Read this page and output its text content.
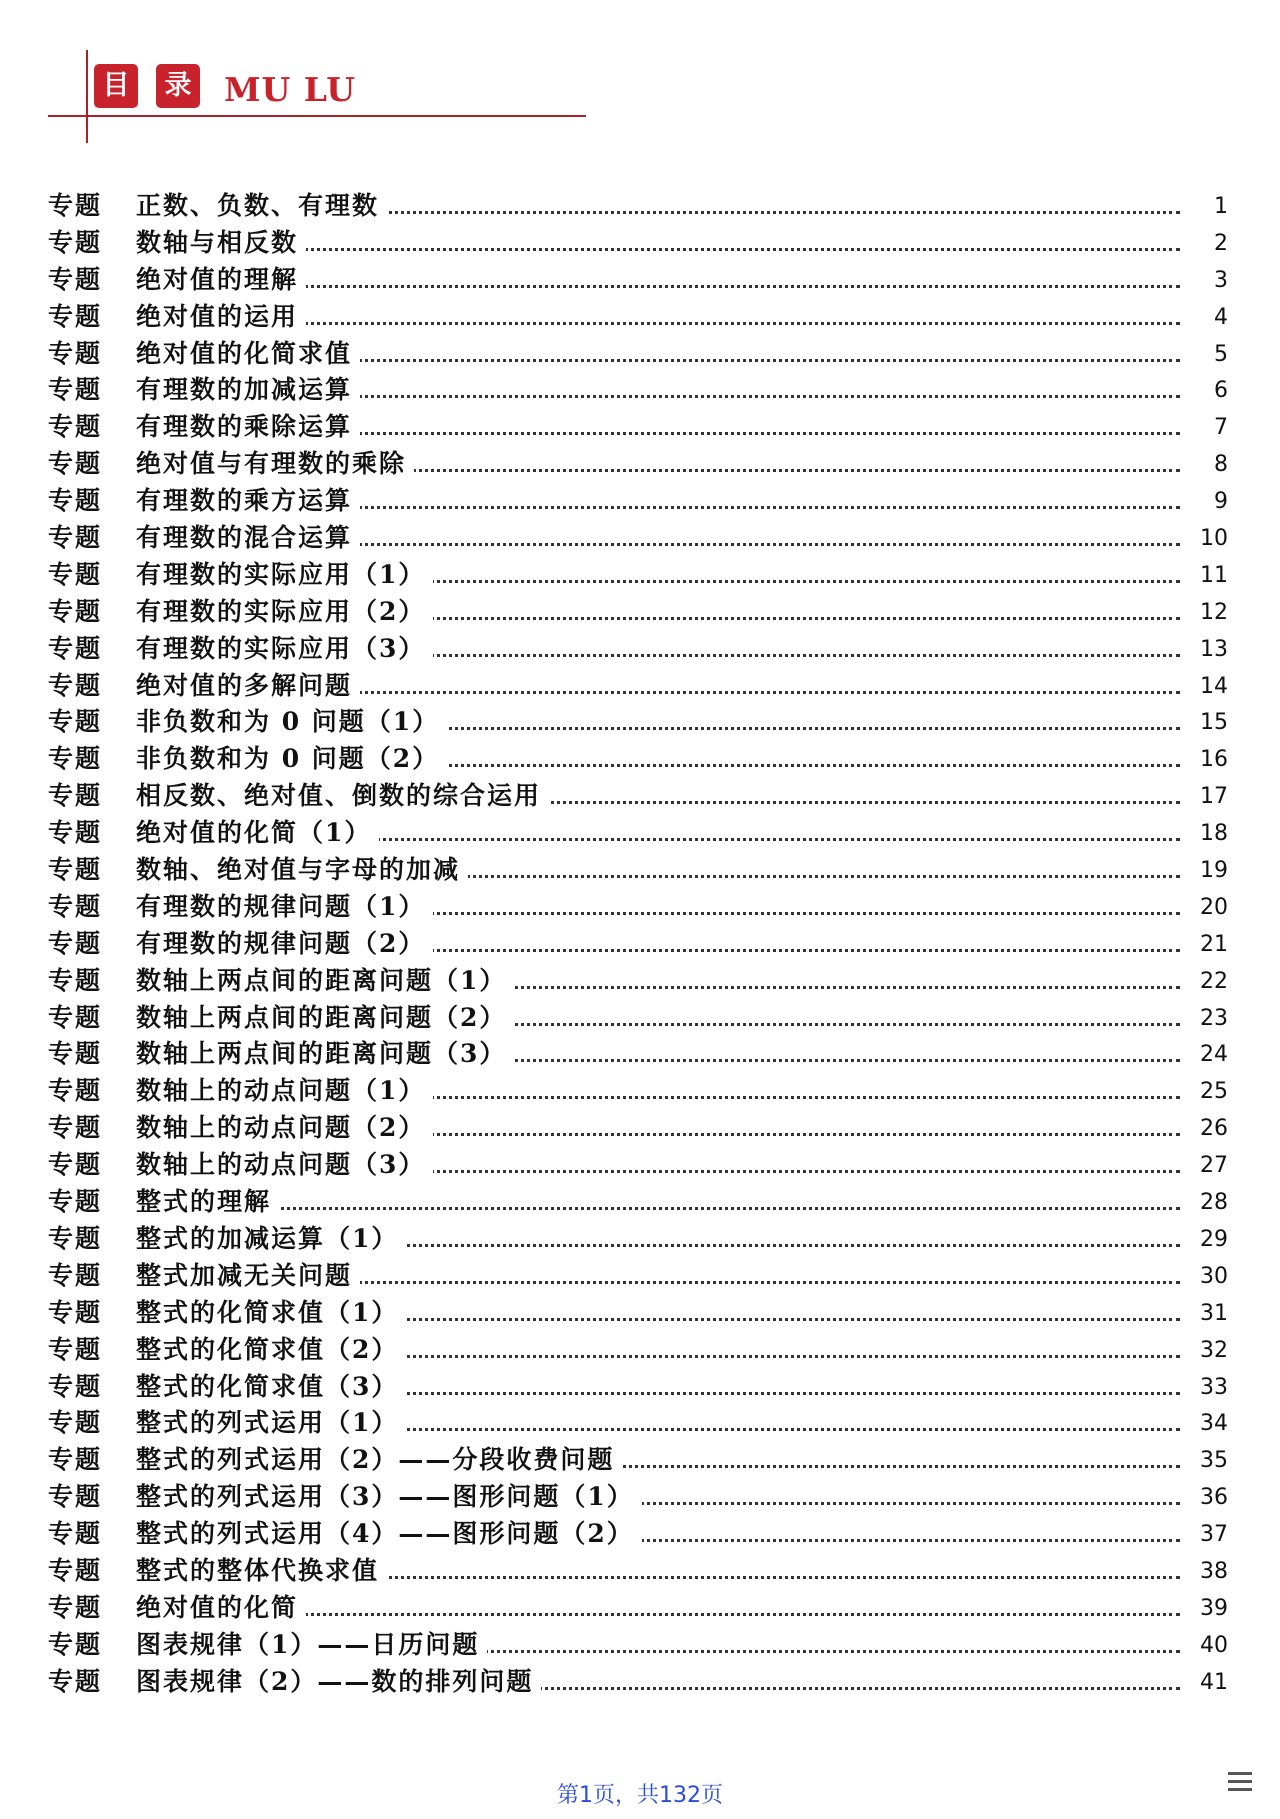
目	录 MU LU
专题 正数、负数、有理数	1
专题 数轴与相反数	2
专题 绝对值的理解	3
专题 绝对值的运用	4
专题 绝对值的化简求值	5
专题 有理数的加减运算	6
专题 有理数的乘除运算	7
专题 绝对值与有理数的乘除	8
专题 有理数的乘方运算	9
专题 有理数的混合运算	10
专题 有理数的实际应用（1）	11
专题 有理数的实际应用（2）	12
专题 有理数的实际应用（3）	13
专题 绝对值的多解问题	14
专题 非负数和为 0 问题（1）	15
专题 非负数和为 0 问题（2）	16
专题 相反数、绝对值、倒数的综合运用	17
专题 绝对值的化简（1）	18
专题 数轴、绝对值与字母的加减	19
专题 有理数的规律问题（1）	20
专题 有理数的规律问题（2）	21
专题 数轴上两点间的距离问题（1）	22
专题 数轴上两点间的距离问题（2）	23
专题 数轴上两点间的距离问题（3）	24
专题 数轴上的动点问题（1）	25
专题 数轴上的动点问题（2）	26
专题 数轴上的动点问题（3）	27
专题 整式的理解	28
专题 整式的加减运算（1）	29
专题 整式加减无关问题	30
专题 整式的化简求值（1）	31
专题 整式的化简求值（2）	32
专题 整式的化简求值（3）	33
专题 整式的列式运用（1）	34
专题 整式的列式运用（2）——分段收费问题	35
专题 整式的列式运用（3）——图形问题（1）	36
专题 整式的列式运用（4）——图形问题（2）	37
专题 整式的整体代换求值	38
专题 绝对值的化简	39
专题 图表规律（1）——日历问题	40
专题 图表规律（2）——数的排列问题	41
第1页，共132页
